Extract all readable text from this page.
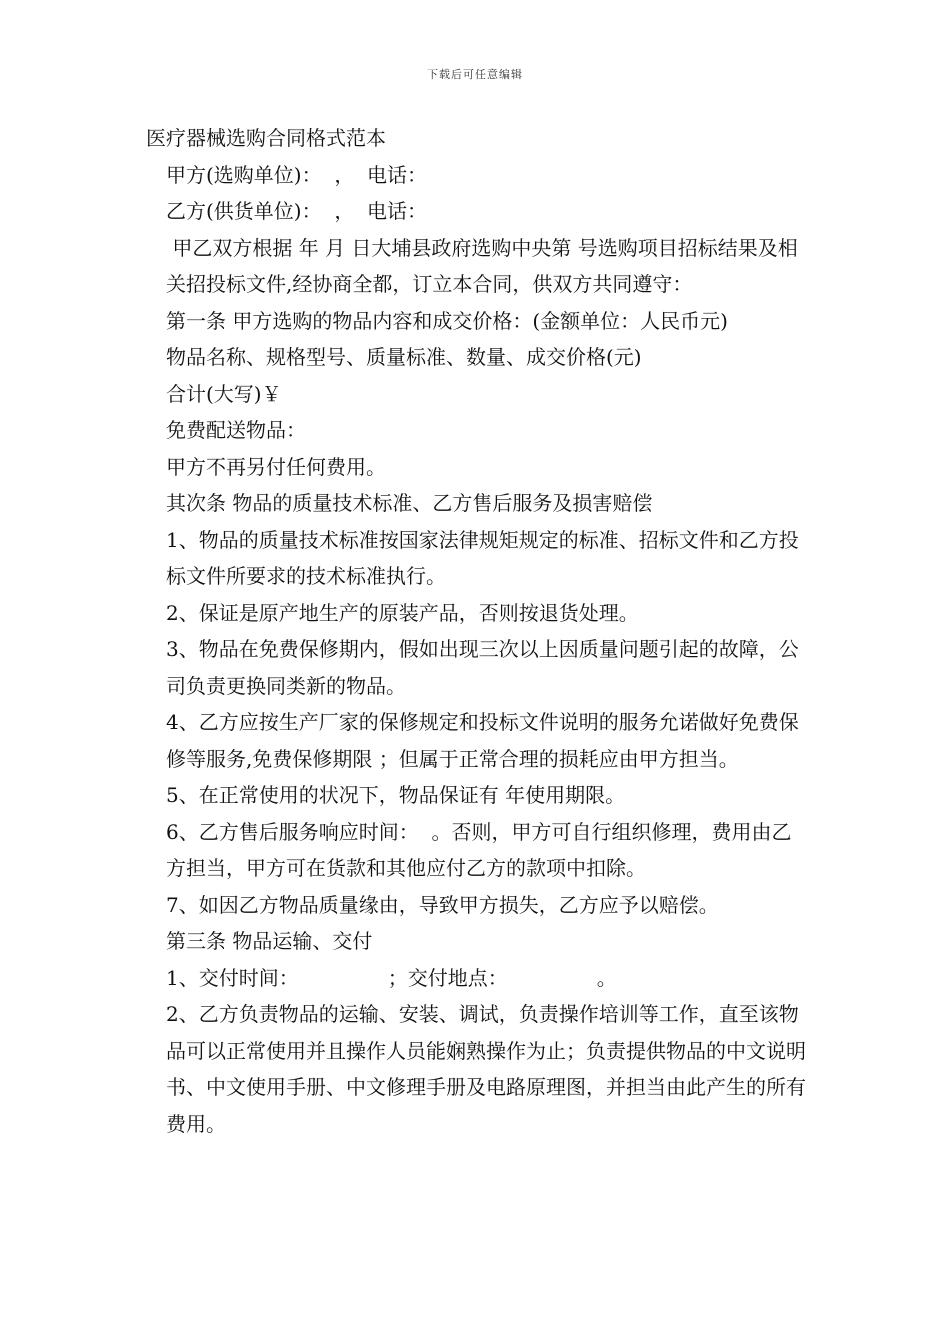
下载后可任意编辑

医疗器械选购合同格式范本

甲方(选购单位)：  ，  电话：

乙方(供货单位)：  ，  电话：

甲乙双方根据 年 月 日大埔县政府选购中央第 号选购项目招标结果及相关招投标文件,经协商全都，订立本合同，供双方共同遵守：

第一条 甲方选购的物品内容和成交价格：(金额单位：人民币元)

物品名称、规格型号、质量标准、数量、成交价格(元)

合计(大写)￥

免费配送物品：

甲方不再另付任何费用。

其次条 物品的质量技术标准、乙方售后服务及损害赔偿

1、物品的质量技术标准按国家法律规矩规定的标准、招标文件和乙方投标文件所要求的技术标准执行。

2、保证是原产地生产的原装产品，否则按退货处理。

3、物品在免费保修期内，假如出现三次以上因质量问题引起的故障，公司负责更换同类新的物品。

4、乙方应按生产厂家的保修规定和投标文件说明的服务允诺做好免费保修等服务,免费保修期限 ；但属于正常合理的损耗应由甲方担当。

5、在正常使用的状况下，物品保证有 年使用期限。

6、乙方售后服务响应时间：  。否则，甲方可自行组织修理，费用由乙方担当，甲方可在货款和其他应付乙方的款项中扣除。

7、如因乙方物品质量缘由，导致甲方损失，乙方应予以赔偿。

第三条 物品运输、交付

1、交付时间：              ；交付地点：              。

2、乙方负责物品的运输、安装、调试，负责操作培训等工作，直至该物品可以正常使用并且操作人员能娴熟操作为止；负责提供物品的中文说明书、中文使用手册、中文修理手册及电路原理图，并担当由此产生的所有费用。
